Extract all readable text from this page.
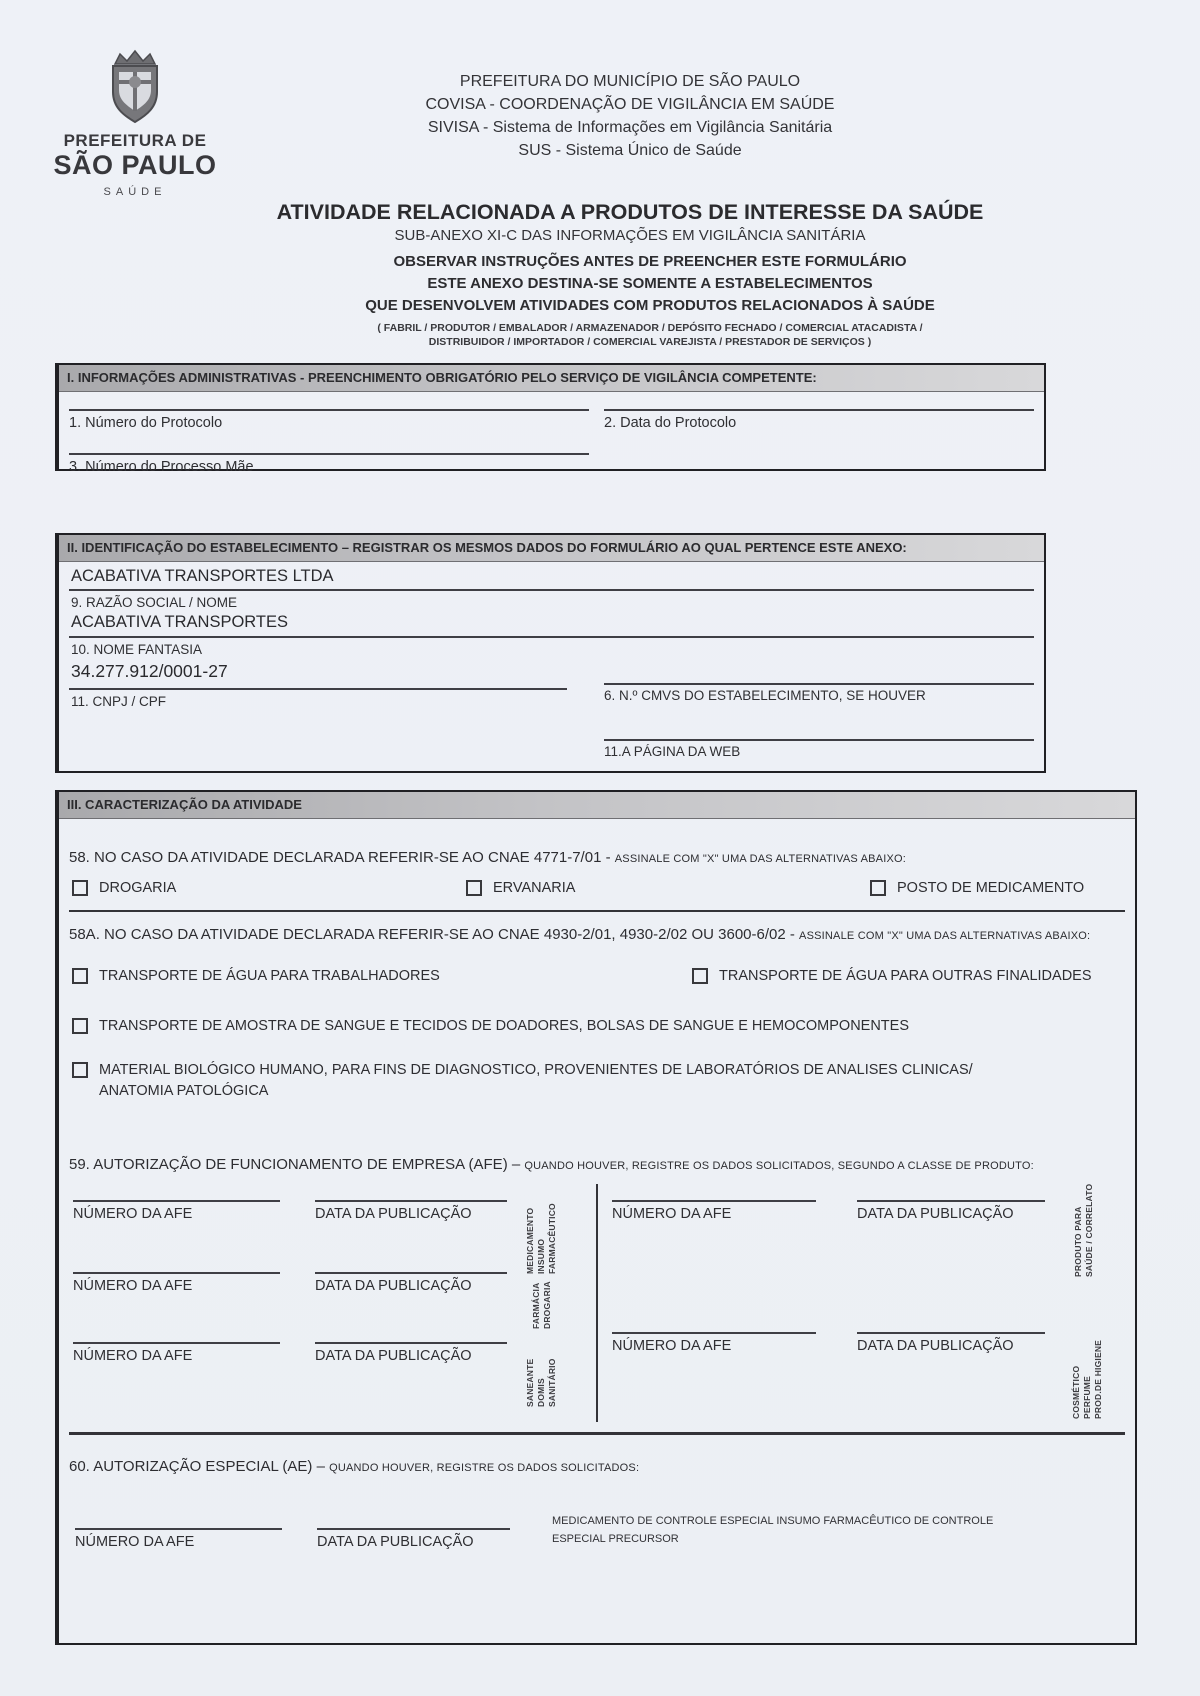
PREFEITURA DE
SÃO PAULO
SAÚDE
PREFEITURA DO MUNICÍPIO DE SÃO PAULO
COVISA - COORDENAÇÃO DE VIGILÂNCIA EM SAÚDE
SIVISA - Sistema de Informações em Vigilância Sanitária
SUS - Sistema Único de Saúde
ATIVIDADE RELACIONADA A PRODUTOS DE INTERESSE DA SAÚDE
SUB-ANEXO XI-C DAS INFORMAÇÕES EM VIGILÂNCIA SANITÁRIA
OBSERVAR INSTRUÇÕES ANTES DE PREENCHER ESTE FORMULÁRIO
ESTE ANEXO DESTINA-SE SOMENTE A ESTABELECIMENTOS
QUE DESENVOLVEM ATIVIDADES COM PRODUTOS RELACIONADOS À SAÚDE
( FABRIL / PRODUTOR / EMBALADOR / ARMAZENADOR / DEPÓSITO FECHADO / COMERCIAL ATACADISTA /
DISTRIBUIDOR / IMPORTADOR / COMERCIAL VAREJISTA / PRESTADOR DE SERVIÇOS )
I. INFORMAÇÕES ADMINISTRATIVAS - PREENCHIMENTO OBRIGATÓRIO PELO SERVIÇO DE VIGILÂNCIA COMPETENTE:
1. Número do Protocolo	2. Data do Protocolo
3. Número do Processo Mãe
II. IDENTIFICAÇÃO DO ESTABELECIMENTO – REGISTRAR OS MESMOS DADOS DO FORMULÁRIO AO QUAL PERTENCE ESTE ANEXO:
ACABATIVA TRANSPORTES LTDA
9. RAZÃO SOCIAL / NOME
ACABATIVA TRANSPORTES
10. NOME FANTASIA
34.277.912/0001-27
11. CNPJ / CPF	6. N.º CMVS DO ESTABELECIMENTO, SE HOUVER
11.A PÁGINA DA WEB
III. CARACTERIZAÇÃO DA ATIVIDADE
58. NO CASO DA ATIVIDADE DECLARADA REFERIR-SE AO CNAE 4771-7/01 - ASSINALE COM "X" UMA DAS ALTERNATIVAS ABAIXO:
DROGARIA	ERVANARIA	POSTO DE MEDICAMENTO
58A. NO CASO DA ATIVIDADE DECLARADA REFERIR-SE AO CNAE 4930-2/01, 4930-2/02 OU 3600-6/02 - ASSINALE COM "X" UMA DAS ALTERNATIVAS ABAIXO:
TRANSPORTE DE ÁGUA PARA TRABALHADORES	TRANSPORTE DE ÁGUA PARA OUTRAS FINALIDADES
TRANSPORTE DE AMOSTRA DE SANGUE E TECIDOS DE DOADORES, BOLSAS DE SANGUE E HEMOCOMPONENTES
MATERIAL BIOLÓGICO HUMANO, PARA FINS DE DIAGNOSTICO, PROVENIENTES DE LABORATÓRIOS DE ANALISES CLINICAS/ ANATOMIA PATOLÓGICA
59. AUTORIZAÇÃO DE FUNCIONAMENTO DE EMPRESA (AFE) – QUANDO HOUVER, REGISTRE OS DADOS SOLICITADOS, SEGUNDO A CLASSE DE PRODUTO:
NÚMERO DA AFE	DATA DA PUBLICAÇÃO	MEDICAMENTO INSUMO FARMACÊUTICO
NÚMERO DA AFE	DATA DA PUBLICAÇÃO	FARMÁCIA DROGARIA
NÚMERO DA AFE	DATA DA PUBLICAÇÃO
SANEANTE DOMIS SANITÁRIO
NÚMERO DA AFE	DATA DA PUBLICAÇÃO	PRODUTO PARA SAÚDE / CORRELATO
NÚMERO DA AFE	DATA DA PUBLICAÇÃO
COSMÉTICO PERFUME PROD.DE HIGIENE
60. AUTORIZAÇÃO ESPECIAL (AE) – QUANDO HOUVER, REGISTRE OS DADOS SOLICITADOS:
NÚMERO DA AFE	DATA DA PUBLICAÇÃO
MEDICAMENTO DE CONTROLE ESPECIAL INSUMO FARMACÊUTICO DE CONTROLE ESPECIAL PRECURSOR
